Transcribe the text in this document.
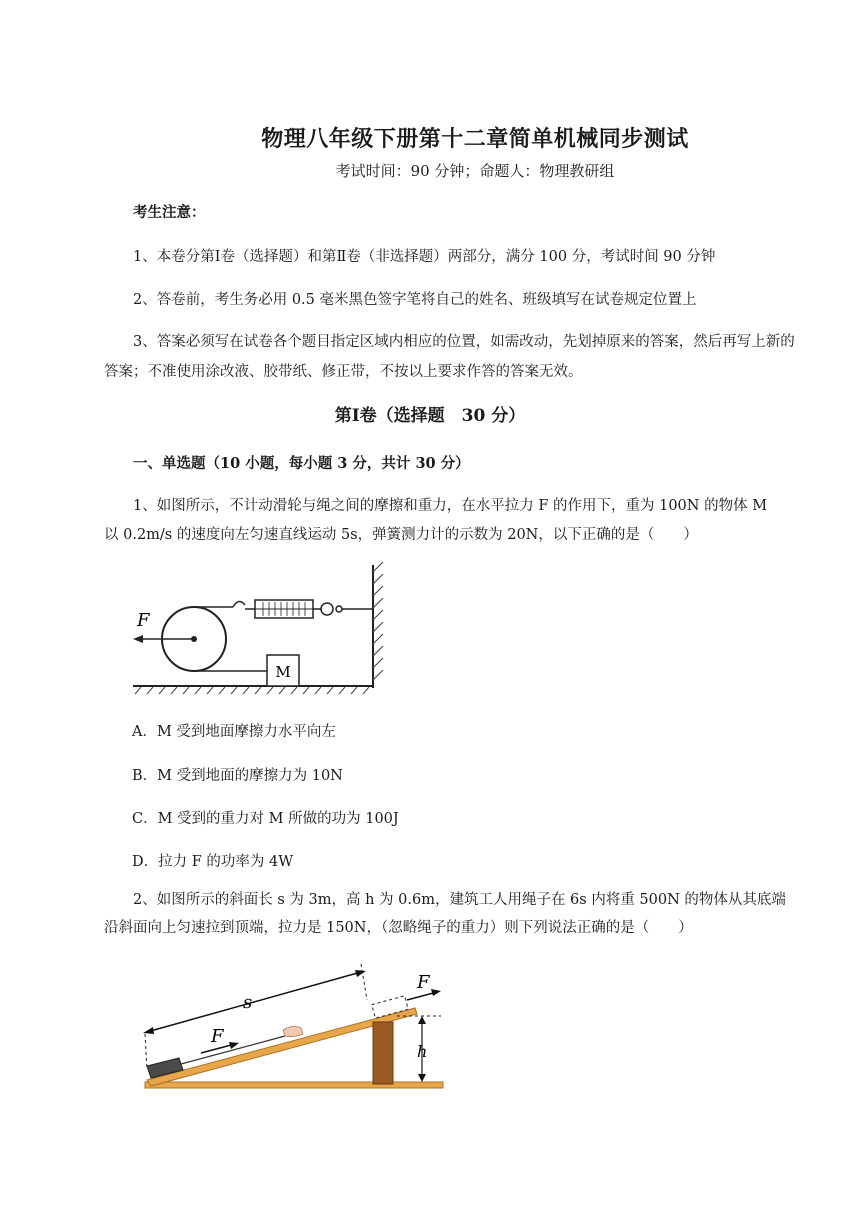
物理八年级下册第十二章简单机械同步测试
考试时间：90 分钟；命题人：物理教研组
考生注意：
1、本卷分第Ⅰ卷（选择题）和第Ⅱ卷（非选择题）两部分，满分 100 分，考试时间 90 分钟
2、答卷前，考生务必用 0.5 毫米黑色签字笔将自己的姓名、班级填写在试卷规定位置上
3、答案必须写在试卷各个题目指定区域内相应的位置，如需改动，先划掉原来的答案，然后再写上新的答案；不准使用涂改液、胶带纸、修正带，不按以上要求作答的答案无效。
第Ⅰ卷（选择题　30 分）
一、单选题（10 小题，每小题 3 分，共计 30 分）
1、如图所示，不计动滑轮与绳之间的摩擦和重力，在水平拉力 F 的作用下，重为 100N 的物体 M
以 0.2m/s 的速度向左匀速直线运动 5s，弹簧测力计的示数为 20N，以下正确的是（　　）
M
F
A．M 受到地面摩擦力水平向左
B．M 受到地面的摩擦力为 10N
C．M 受到的重力对 M 所做的功为 100J
D．拉力 F 的功率为 4W
2、如图所示的斜面长 s 为 3m，高 h 为 0.6m，建筑工人用绳子在 6s 内将重 500N 的物体从其底端
沿斜面向上匀速拉到顶端，拉力是 150N，（忽略绳子的重力）则下列说法正确的是（　　）
F
s
F
h
